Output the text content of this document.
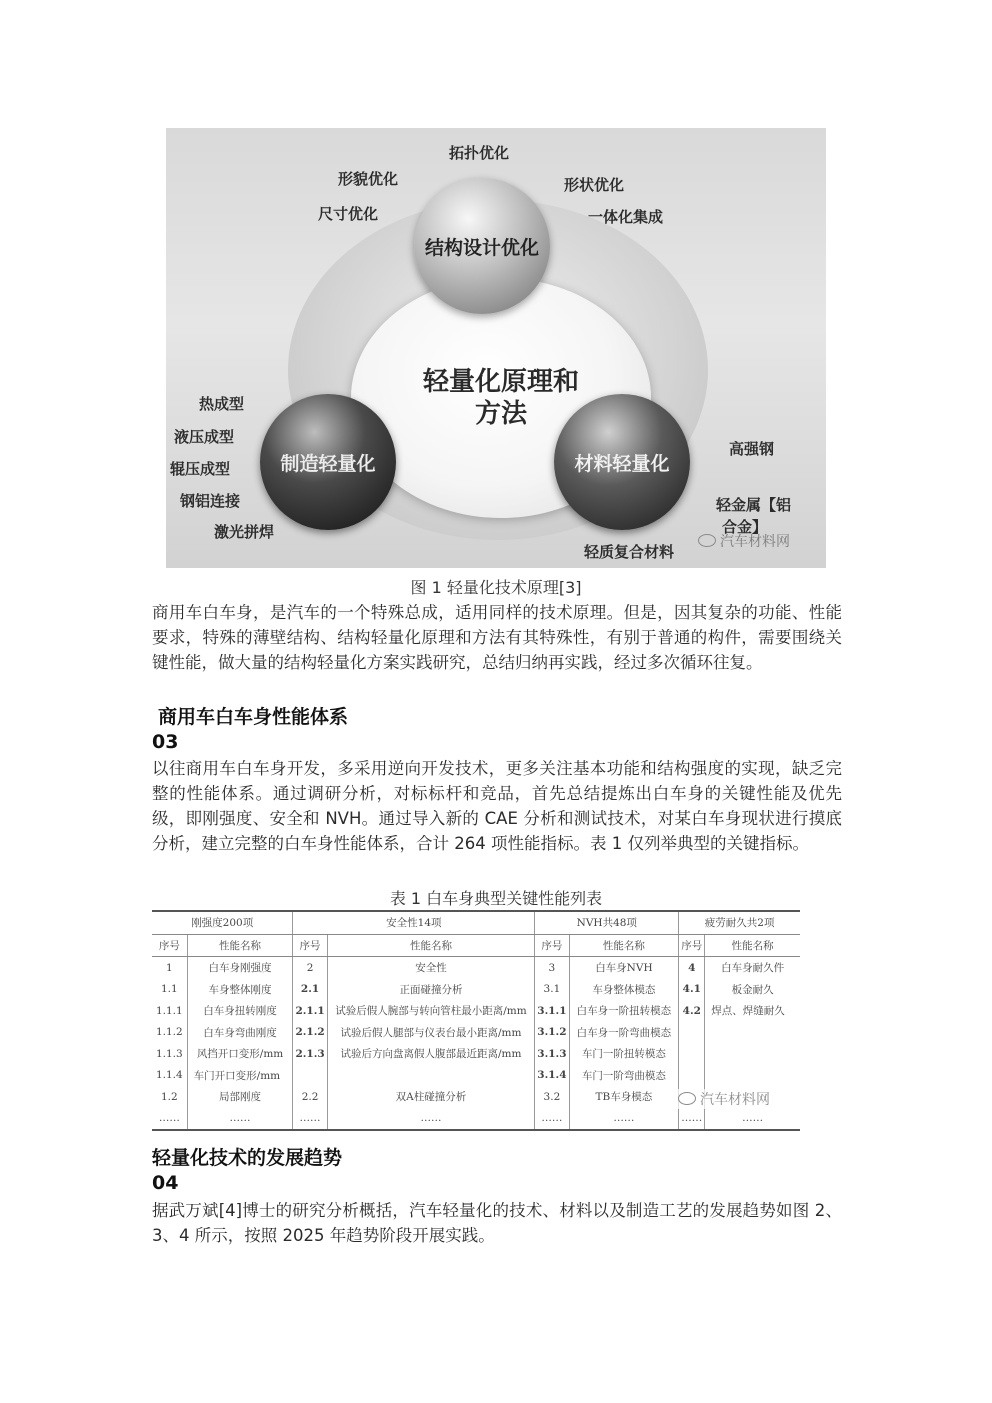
轻量化原理和
方法
结构设计优化
制造轻量化	材料轻量化
拓扑优化
形貌优化	形状优化
尺寸优化	一体化集成
热成型
液压成型
辊压成型
钢铝连接
激光拼焊
高强钢
轻金属【铝
合金】
轻质复合材料
汽车材料网
图 1 轻量化技术原理[3]
商用车白车身，是汽车的一个特殊总成，适用同样的技术原理。但是，因其复杂的功能、性能要求，特殊的薄壁结构、结构轻量化原理和方法有其特殊性，有别于普通的构件，需要围绕关键性能，做大量的结构轻量化方案实践研究，总结归纳再实践，经过多次循环往复。
商用车白车身性能体系
03
以往商用车白车身开发，多采用逆向开发技术，更多关注基本功能和结构强度的实现，缺乏完整的性能体系。通过调研分析，对标标杆和竞品，首先总结提炼出白车身的关键性能及优先级，即刚强度、安全和 NVH。通过导入新的 CAE 分析和测试技术，对某白车身现状进行摸底分析，建立完整的白车身性能体系，合计 264 项性能指标。表 1 仅列举典型的关键指标。
表 1 白车身典型关键性能列表
刚强度200项		安全性14项		NVH共48项		疲劳耐久共2项	
序号	性能名称	序号	性能名称	序号	性能名称	序号	性能名称
1	白车身刚强度	2	安全性	3	白车身NVH	4	白车身耐久件
1.1	车身整体刚度	2.1	正面碰撞分析	3.1	车身整体模态	4.1	板金耐久
1.1.1	白车身扭转刚度	2.1.1	试验后假人腕部与转向管柱最小距离/mm	3.1.1	白车身一阶扭转模态	4.2	焊点、焊缝耐久
1.1.2	白车身弯曲刚度	2.1.2	试验后假人腿部与仪表台最小距离/mm	3.1.2	白车身一阶弯曲模态		
1.1.3	风挡开口变形/mm	2.1.3	试验后方向盘离假人腹部最近距离/mm	3.1.3	车门一阶扭转模态		
1.1.4	车门开口变形/mm			3.1.4	车门一阶弯曲模态		
1.2	局部刚度	2.2	双A柱碰撞分析	3.2	TB车身模态		
……	……	……	……	……	……	……	……
汽车材料网
轻量化技术的发展趋势
04
据武万斌[4]博士的研究分析概括，汽车轻量化的技术、材料以及制造工艺的发展趋势如图 2、3、4 所示，按照 2025 年趋势阶段开展实践。
